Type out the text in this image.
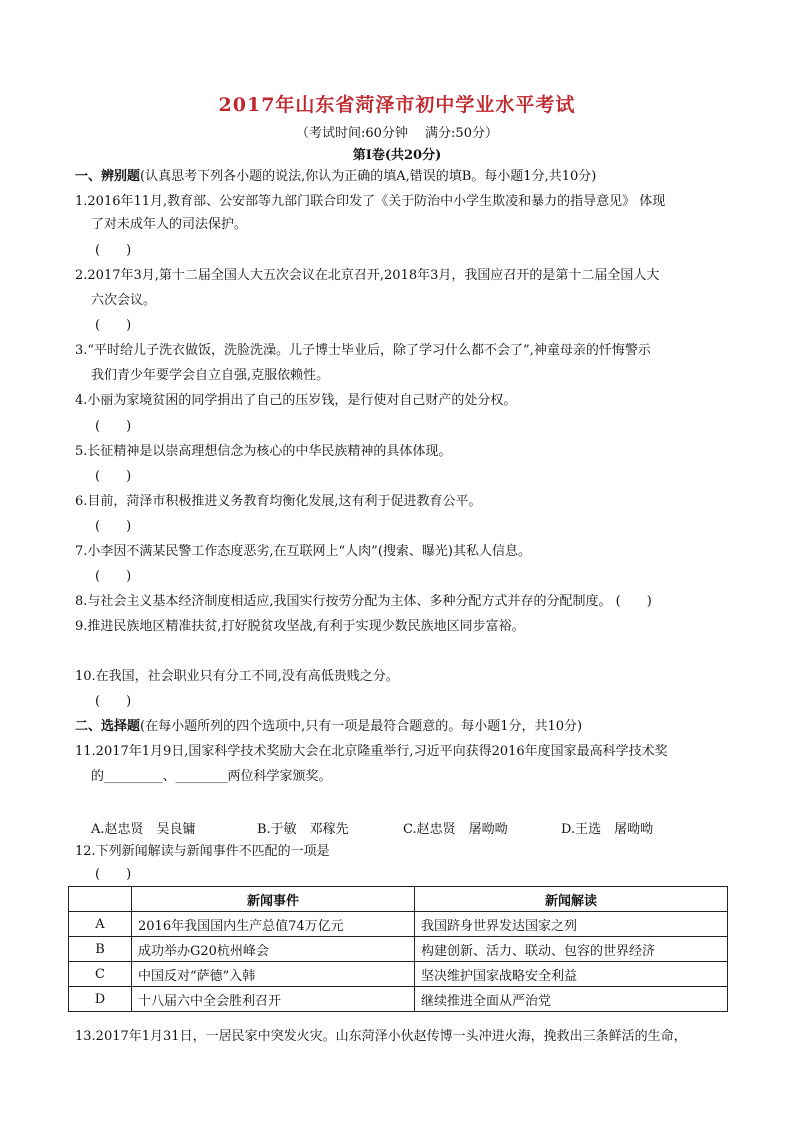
2017年山东省菏泽市初中学业水平考试
（考试时间:60分钟　 满分:50分）
第Ⅰ卷(共20分)
一、辨别题(认真思考下列各小题的说法,你认为正确的填A,错误的填B。每小题1分,共10分)
1.2016年11月,教育部、公安部等九部门联合印发了《关于防治中小学生欺凌和暴力的指导意见》 体现
了对未成年人的司法保护。
(　　)
2.2017年3月,第十二届全国人大五次会议在北京召开,2018年3月，我国应召开的是第十二届全国人大
六次会议。
(　　)
3.“平时给儿子洗衣做饭，洗脸洗澡。儿子博士毕业后，除了学习什么都不会了”,神童母亲的忏悔警示
我们青少年要学会自立自强,克服依赖性。
4.小丽为家境贫困的同学捐出了自己的压岁钱，是行使对自己财产的处分权。
(　　)
5.长征精神是以崇高理想信念为核心的中华民族精神的具体体现。
(　　)
6.目前，菏泽市积极推进义务教育均衡化发展,这有利于促进教育公平。
(　　)
7.小李因不满某民警工作态度恶劣,在互联网上“人肉”(搜索、曝光)其私人信息。
(　　)
8.与社会主义基本经济制度相适应,我国实行按劳分配为主体、多种分配方式并存的分配制度。 (　　)
9.推进民族地区精准扶贫,打好脱贫攻坚战,有利于实现少数民族地区同步富裕。
10.在我国，社会职业只有分工不同,没有高低贵贱之分。
(　　)
二、选择题(在每小题所列的四个选项中,只有一项是最符合题意的。每小题1分，共10分)
11.2017年1月9日,国家科学技术奖励大会在北京隆重举行,习近平向获得2016年度国家最高科学技术奖
的_________、________两位科学家颁奖。
A.赵忠贤　吴良镛	B.于敏　邓稼先	C.赵忠贤　屠呦呦	D.王选　屠呦呦
12.下列新闻解读与新闻事件不匹配的一项是
(　　)
	新闻事件	新闻解读
A	2016年我国国内生产总值74万亿元	我国跻身世界发达国家之列
B	成功举办G20杭州峰会	构建创新、活力、联动、包容的世界经济
C	中国反对“萨德”入韩	坚决维护国家战略安全利益
D	十八届六中全会胜利召开	继续推进全面从严治党
13.2017年1月31日，一居民家中突发火灾。山东菏泽小伙赵传博一头冲进火海，挽救出三条鲜活的生命，
